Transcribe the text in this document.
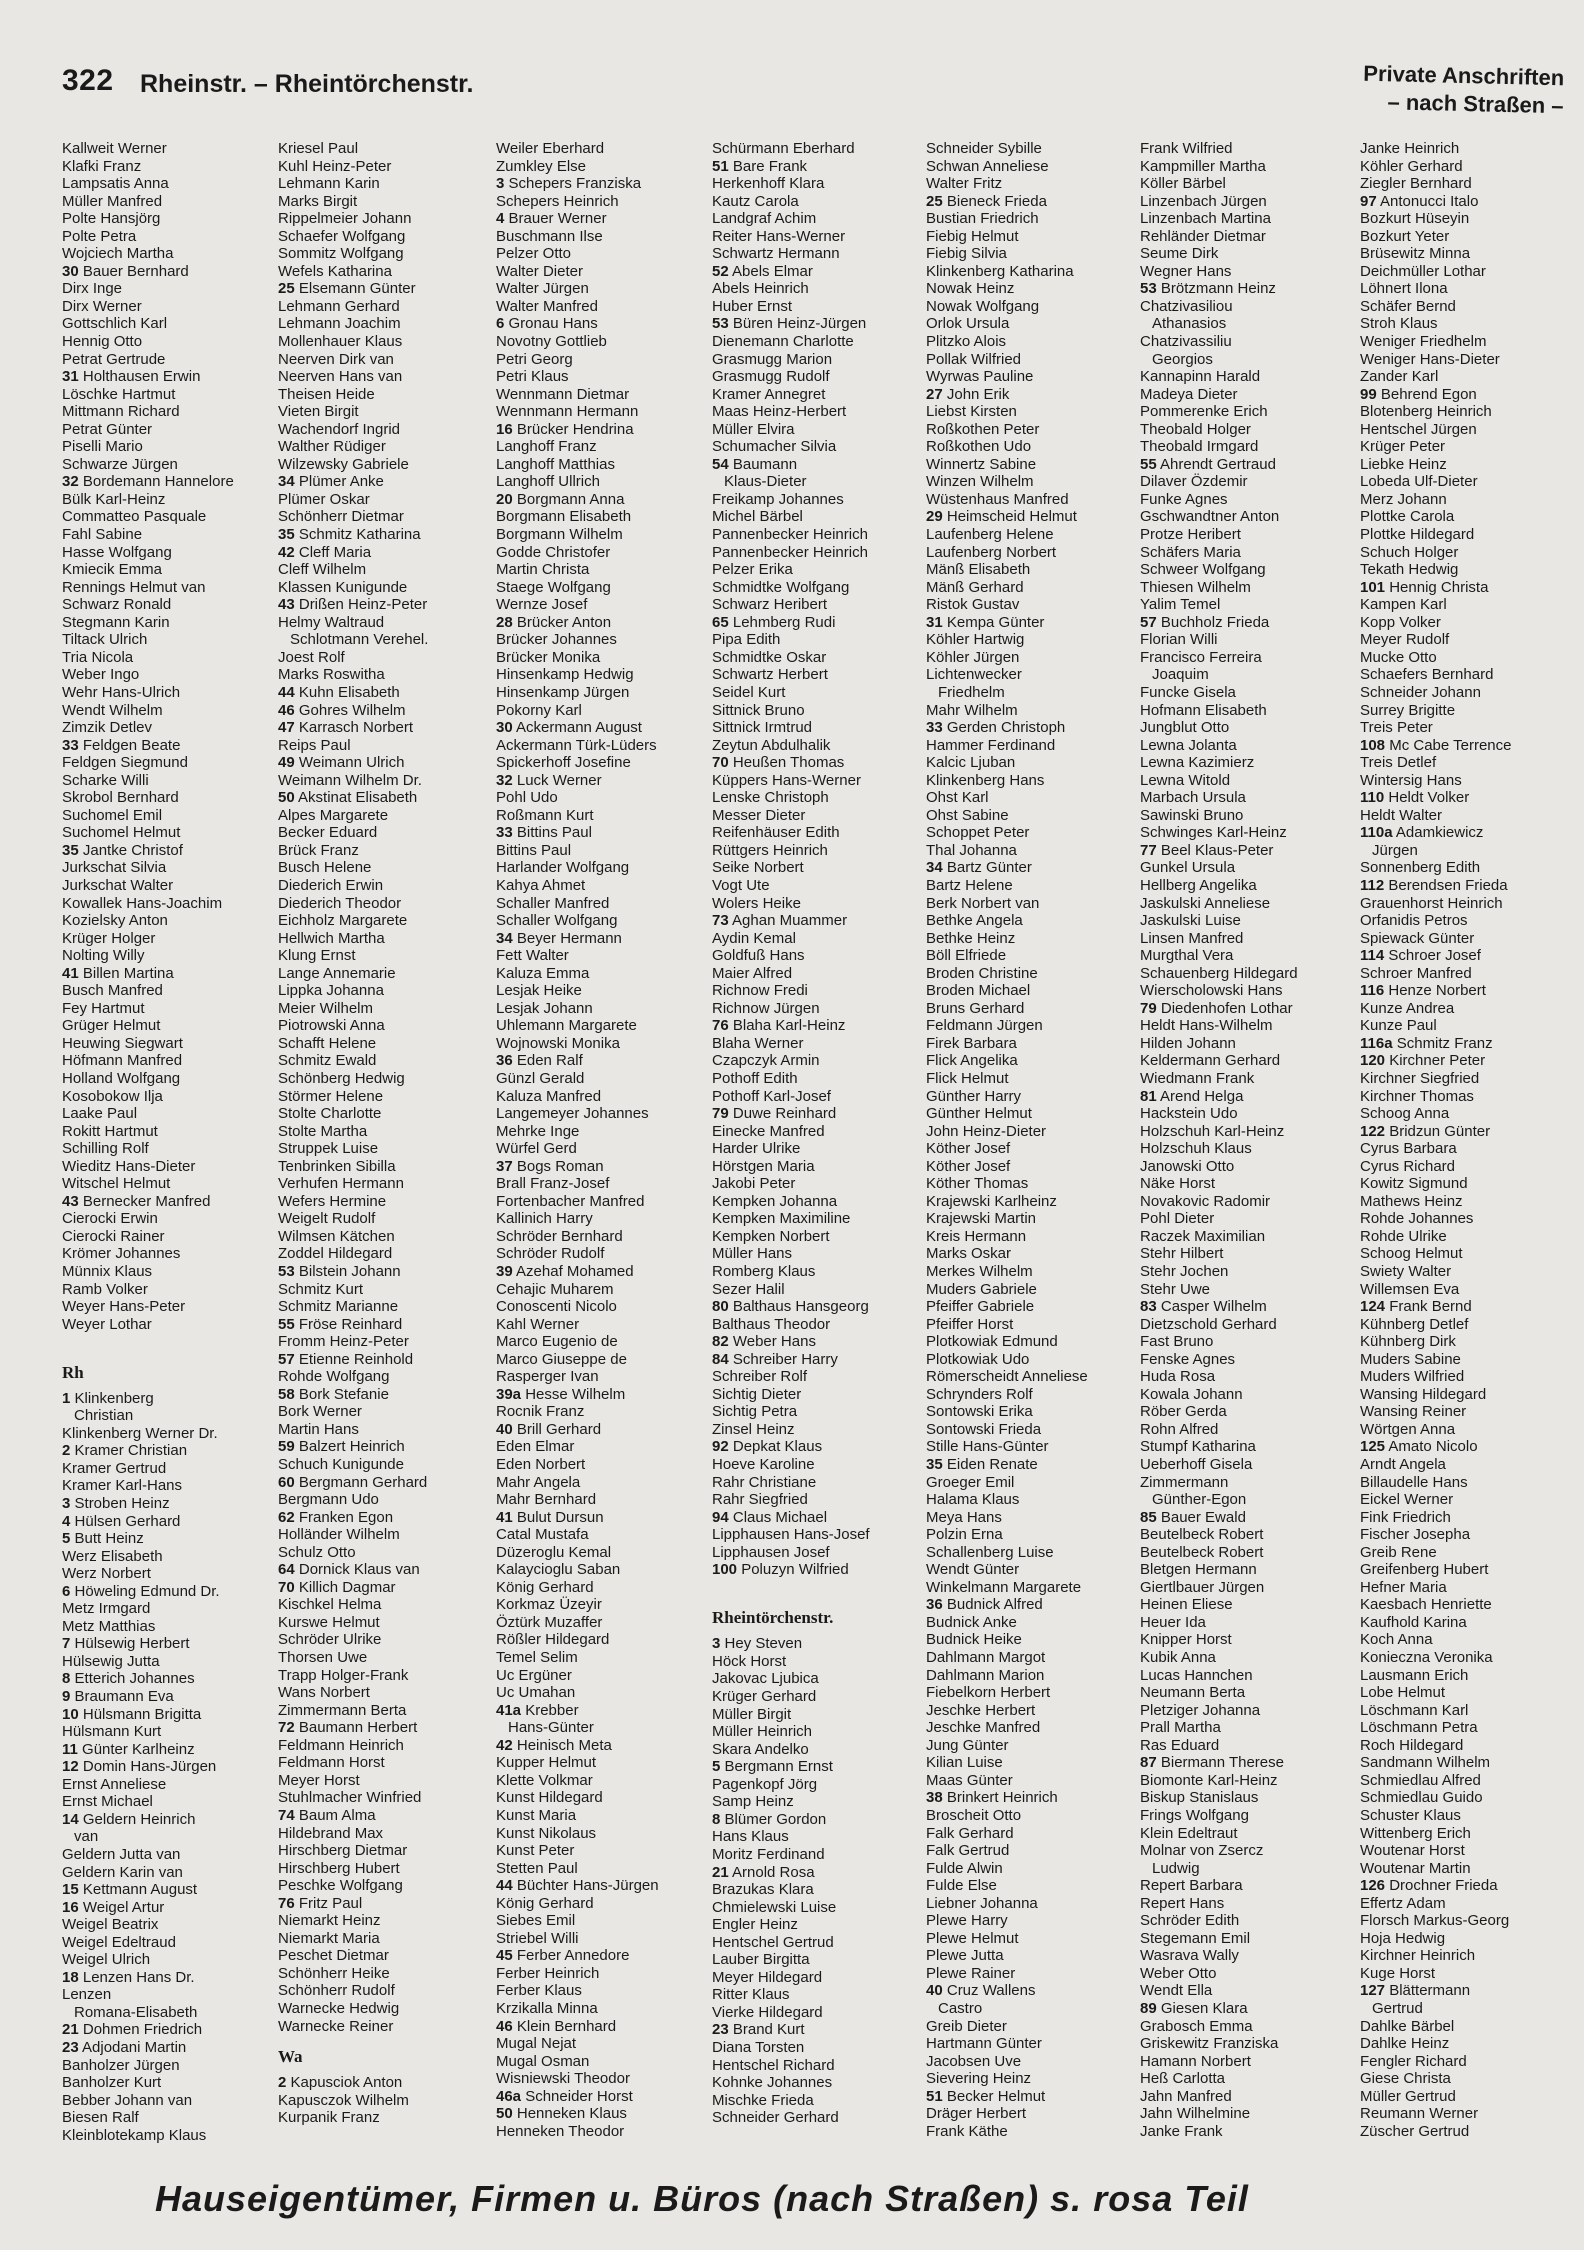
322 Rheinstr. – Rheintörchenstr.	Private Anschriften
– nach Straßen –
Kallweit Werner
Klafki Franz
Lampsatis Anna
Müller Manfred
Polte Hansjörg
Polte Petra
Wojciech Martha
30 Bauer Bernhard
Dirx Inge
Dirx Werner
Gottschlich Karl
Hennig Otto
Petrat Gertrude
31 Holthausen Erwin
Löschke Hartmut
Mittmann Richard
Petrat Günter
Piselli Mario
Schwarze Jürgen
32 Bordemann Hannelore
Bülk Karl-Heinz
Commatteo Pasquale
Fahl Sabine
Hasse Wolfgang
Kmiecik Emma
Rennings Helmut van
Schwarz Ronald
Stegmann Karin
Tiltack Ulrich
Tria Nicola
Weber Ingo
Wehr Hans-Ulrich
Wendt Wilhelm
Zimzik Detlev
33 Feldgen Beate
Feldgen Siegmund
Scharke Willi
Skrobol Bernhard
Suchomel Emil
Suchomel Helmut
35 Jantke Christof
Jurkschat Silvia
Jurkschat Walter
Kowallek Hans-Joachim
Kozielsky Anton
Krüger Holger
Nolting Willy
41 Billen Martina
Busch Manfred
Fey Hartmut
Grüger Helmut
Heuwing Siegwart
Höfmann Manfred
Holland Wolfgang
Kosobokow Ilja
Laake Paul
Rokitt Hartmut
Schilling Rolf
Wieditz Hans-Dieter
Witschel Helmut
43 Bernecker Manfred
Cierocki Erwin
Cierocki Rainer
Krömer Johannes
Münnix Klaus
Ramb Volker
Weyer Hans-Peter
Weyer Lothar
Rh
1 Klinkenberg
Christian
Klinkenberg Werner Dr.
2 Kramer Christian
Kramer Gertrud
Kramer Karl-Hans
3 Stroben Heinz
4 Hülsen Gerhard
5 Butt Heinz
Werz Elisabeth
Werz Norbert
6 Höweling Edmund Dr.
Metz Irmgard
Metz Matthias
7 Hülsewig Herbert
Hülsewig Jutta
8 Etterich Johannes
9 Braumann Eva
10 Hülsmann Brigitta
Hülsmann Kurt
11 Günter Karlheinz
12 Domin Hans-Jürgen
Ernst Anneliese
Ernst Michael
14 Geldern Heinrich
van
Geldern Jutta van
Geldern Karin van
15 Kettmann August
16 Weigel Artur
Weigel Beatrix
Weigel Edeltraud
Weigel Ulrich
18 Lenzen Hans Dr.
Lenzen
Romana-Elisabeth
21 Dohmen Friedrich
23 Adjodani Martin
Banholzer Jürgen
Banholzer Kurt
Bebber Johann van
Biesen Ralf
Kleinblotekamp Klaus
Kriesel Paul
Kuhl Heinz-Peter
Lehmann Karin
Marks Birgit
Rippelmeier Johann
Schaefer Wolfgang
Sommitz Wolfgang
Wefels Katharina
25 Elsemann Günter
Lehmann Gerhard
Lehmann Joachim
Mollenhauer Klaus
Neerven Dirk van
Neerven Hans van
Theisen Heide
Vieten Birgit
Wachendorf Ingrid
Walther Rüdiger
Wilzewsky Gabriele
34 Plümer Anke
Plümer Oskar
Schönherr Dietmar
35 Schmitz Katharina
42 Cleff Maria
Cleff Wilhelm
Klassen Kunigunde
43 Drißen Heinz-Peter
Helmy Waltraud
Schlotmann Verehel.
Joest Rolf
Marks Roswitha
44 Kuhn Elisabeth
46 Gohres Wilhelm
47 Karrasch Norbert
Reips Paul
49 Weimann Ulrich
Weimann Wilhelm Dr.
50 Akstinat Elisabeth
Alpes Margarete
Becker Eduard
Brück Franz
Busch Helene
Diederich Erwin
Diederich Theodor
Eichholz Margarete
Hellwich Martha
Klung Ernst
Lange Annemarie
Lippka Johanna
Meier Wilhelm
Piotrowski Anna
Schafft Helene
Schmitz Ewald
Schönberg Hedwig
Störmer Helene
Stolte Charlotte
Stolte Martha
Struppek Luise
Tenbrinken Sibilla
Verhufen Hermann
Wefers Hermine
Weigelt Rudolf
Wilmsen Kätchen
Zoddel Hildegard
53 Bilstein Johann
Schmitz Kurt
Schmitz Marianne
55 Fröse Reinhard
Fromm Heinz-Peter
57 Etienne Reinhold
Rohde Wolfgang
58 Bork Stefanie
Bork Werner
Martin Hans
59 Balzert Heinrich
Schuch Kunigunde
60 Bergmann Gerhard
Bergmann Udo
62 Franken Egon
Holländer Wilhelm
Schulz Otto
64 Dornick Klaus van
70 Killich Dagmar
Kischkel Helma
Kurswe Helmut
Schröder Ulrike
Thorsen Uwe
Trapp Holger-Frank
Wans Norbert
Zimmermann Berta
72 Baumann Herbert
Feldmann Heinrich
Feldmann Horst
Meyer Horst
Stuhlmacher Winfried
74 Baum Alma
Hildebrand Max
Hirschberg Dietmar
Hirschberg Hubert
Peschke Wolfgang
76 Fritz Paul
Niemarkt Heinz
Niemarkt Maria
Peschet Dietmar
Schönherr Heike
Schönherr Rudolf
Warnecke Hedwig
Warnecke Reiner
Wa
2 Kapusciok Anton
Kapusczok Wilhelm
Kurpanik Franz
Weiler Eberhard
Zumkley Else
3 Schepers Franziska
Schepers Heinrich
4 Brauer Werner
Buschmann Ilse
Pelzer Otto
Walter Dieter
Walter Jürgen
Walter Manfred
6 Gronau Hans
Novotny Gottlieb
Petri Georg
Petri Klaus
Wennmann Dietmar
Wennmann Hermann
16 Brücker Hendrina
Langhoff Franz
Langhoff Matthias
Langhoff Ullrich
20 Borgmann Anna
Borgmann Elisabeth
Borgmann Wilhelm
Godde Christofer
Martin Christa
Staege Wolfgang
Wernze Josef
28 Brücker Anton
Brücker Johannes
Brücker Monika
Hinsenkamp Hedwig
Hinsenkamp Jürgen
Pokorny Karl
30 Ackermann August
Ackermann Türk-Lüders
Spickerhoff Josefine
32 Luck Werner
Pohl Udo
Roßmann Kurt
33 Bittins Paul
Bittins Paul
Harlander Wolfgang
Kahya Ahmet
Schaller Manfred
Schaller Wolfgang
34 Beyer Hermann
Fett Walter
Kaluza Emma
Lesjak Heike
Lesjak Johann
Uhlemann Margarete
Wojnowski Monika
36 Eden Ralf
Günzl Gerald
Kaluza Manfred
Langemeyer Johannes
Mehrke Inge
Würfel Gerd
37 Bogs Roman
Brall Franz-Josef
Fortenbacher Manfred
Kallinich Harry
Schröder Bernhard
Schröder Rudolf
39 Azehaf Mohamed
Cehajic Muharem
Conoscenti Nicolo
Kahl Werner
Marco Eugenio de
Marco Giuseppe de
Rasperger Ivan
39a Hesse Wilhelm
Rocnik Franz
40 Brill Gerhard
Eden Elmar
Eden Norbert
Mahr Angela
Mahr Bernhard
41 Bulut Dursun
Catal Mustafa
Düzeroglu Kemal
Kalaycioglu Saban
König Gerhard
Korkmaz Üzeyir
Öztürk Muzaffer
Rößler Hildegard
Temel Selim
Uc Ergüner
Uc Umahan
41a Krebber
Hans-Günter
42 Heinisch Meta
Kupper Helmut
Klette Volkmar
Kunst Hildegard
Kunst Maria
Kunst Nikolaus
Kunst Peter
Stetten Paul
44 Büchter Hans-Jürgen
König Gerhard
Siebes Emil
Striebel Willi
45 Ferber Annedore
Ferber Heinrich
Ferber Klaus
Krzikalla Minna
46 Klein Bernhard
Mugal Nejat
Mugal Osman
Wisniewski Theodor
46a Schneider Horst
50 Henneken Klaus
Henneken Theodor
Schürmann Eberhard
51 Bare Frank
Herkenhoff Klara
Kautz Carola
Landgraf Achim
Reiter Hans-Werner
Schwartz Hermann
52 Abels Elmar
Abels Heinrich
Huber Ernst
53 Büren Heinz-Jürgen
Dienemann Charlotte
Grasmugg Marion
Grasmugg Rudolf
Kramer Annegret
Maas Heinz-Herbert
Müller Elvira
Schumacher Silvia
54 Baumann
Klaus-Dieter
Freikamp Johannes
Michel Bärbel
Pannenbecker Heinrich
Pannenbecker Heinrich
Pelzer Erika
Schmidtke Wolfgang
Schwarz Heribert
65 Lehmberg Rudi
Pipa Edith
Schmidtke Oskar
Schwartz Herbert
Seidel Kurt
Sittnick Bruno
Sittnick Irmtrud
Zeytun Abdulhalik
70 Heußen Thomas
Küppers Hans-Werner
Lenske Christoph
Messer Dieter
Reifenhäuser Edith
Rüttgers Heinrich
Seike Norbert
Vogt Ute
Wolers Heike
73 Aghan Muammer
Aydin Kemal
Goldfuß Hans
Maier Alfred
Richnow Fredi
Richnow Jürgen
76 Blaha Karl-Heinz
Blaha Werner
Czapczyk Armin
Pothoff Edith
Pothoff Karl-Josef
79 Duwe Reinhard
Einecke Manfred
Harder Ulrike
Hörstgen Maria
Jakobi Peter
Kempken Johanna
Kempken Maximiline
Kempken Norbert
Müller Hans
Romberg Klaus
Sezer Halil
80 Balthaus Hansgeorg
Balthaus Theodor
82 Weber Hans
84 Schreiber Harry
Schreiber Rolf
Sichtig Dieter
Sichtig Petra
Zinsel Heinz
92 Depkat Klaus
Hoeve Karoline
Rahr Christiane
Rahr Siegfried
94 Claus Michael
Lipphausen Hans-Josef
Lipphausen Josef
100 Poluzyn Wilfried
Rheintörchenstr.
3 Hey Steven
Höck Horst
Jakovac Ljubica
Krüger Gerhard
Müller Birgit
Müller Heinrich
Skara Andelko
5 Bergmann Ernst
Pagenkopf Jörg
Samp Heinz
8 Blümer Gordon
Hans Klaus
Moritz Ferdinand
21 Arnold Rosa
Brazukas Klara
Chmielewski Luise
Engler Heinz
Hentschel Gertrud
Lauber Birgitta
Meyer Hildegard
Ritter Klaus
Vierke Hildegard
23 Brand Kurt
Diana Torsten
Hentschel Richard
Kohnke Johannes
Mischke Frieda
Schneider Gerhard
Schneider Sybille
Schwan Anneliese
Walter Fritz
25 Bieneck Frieda
Bustian Friedrich
Fiebig Helmut
Fiebig Silvia
Klinkenberg Katharina
Nowak Heinz
Nowak Wolfgang
Orlok Ursula
Plitzko Alois
Pollak Wilfried
Wyrwas Pauline
27 John Erik
Liebst Kirsten
Roßkothen Peter
Roßkothen Udo
Winnertz Sabine
Winzen Wilhelm
Wüstenhaus Manfred
29 Heimscheid Helmut
Laufenberg Helene
Laufenberg Norbert
Mänß Elisabeth
Mänß Gerhard
Ristok Gustav
31 Kempa Günter
Köhler Hartwig
Köhler Jürgen
Lichtenwecker
Friedhelm
Mahr Wilhelm
33 Gerden Christoph
Hammer Ferdinand
Kalcic Ljuban
Klinkenberg Hans
Ohst Karl
Ohst Sabine
Schoppet Peter
Thal Johanna
34 Bartz Günter
Bartz Helene
Berk Norbert van
Bethke Angela
Bethke Heinz
Böll Elfriede
Broden Christine
Broden Michael
Bruns Gerhard
Feldmann Jürgen
Firek Barbara
Flick Angelika
Flick Helmut
Günther Harry
Günther Helmut
John Heinz-Dieter
Köther Josef
Köther Josef
Köther Thomas
Krajewski Karlheinz
Krajewski Martin
Kreis Hermann
Marks Oskar
Merkes Wilhelm
Muders Gabriele
Pfeiffer Gabriele
Pfeiffer Horst
Plotkowiak Edmund
Plotkowiak Udo
Römerscheidt Anneliese
Schrynders Rolf
Sontowski Erika
Sontowski Frieda
Stille Hans-Günter
35 Eiden Renate
Groeger Emil
Halama Klaus
Meya Hans
Polzin Erna
Schallenberg Luise
Wendt Günter
Winkelmann Margarete
36 Budnick Alfred
Budnick Anke
Budnick Heike
Dahlmann Margot
Dahlmann Marion
Fiebelkorn Herbert
Jeschke Herbert
Jeschke Manfred
Jung Günter
Kilian Luise
Maas Günter
38 Brinkert Heinrich
Broscheit Otto
Falk Gerhard
Falk Gertrud
Fulde Alwin
Fulde Else
Liebner Johanna
Plewe Harry
Plewe Helmut
Plewe Jutta
Plewe Rainer
40 Cruz Wallens
Castro
Greib Dieter
Hartmann Günter
Jacobsen Uve
Sievering Heinz
51 Becker Helmut
Dräger Herbert
Frank Käthe
Frank Wilfried
Kampmiller Martha
Köller Bärbel
Linzenbach Jürgen
Linzenbach Martina
Rehländer Dietmar
Seume Dirk
Wegner Hans
53 Brötzmann Heinz
Chatzivasiliou
Athanasios
Chatzivassiliu
Georgios
Kannapinn Harald
Madeya Dieter
Pommerenke Erich
Theobald Holger
Theobald Irmgard
55 Ahrendt Gertraud
Dilaver Özdemir
Funke Agnes
Gschwandtner Anton
Protze Heribert
Schäfers Maria
Schweer Wolfgang
Thiesen Wilhelm
Yalim Temel
57 Buchholz Frieda
Florian Willi
Francisco Ferreira
Joaquim
Funcke Gisela
Hofmann Elisabeth
Jungblut Otto
Lewna Jolanta
Lewna Kazimierz
Lewna Witold
Marbach Ursula
Sawinski Bruno
Schwinges Karl-Heinz
77 Beel Klaus-Peter
Gunkel Ursula
Hellberg Angelika
Jaskulski Anneliese
Jaskulski Luise
Linsen Manfred
Murgthal Vera
Schauenberg Hildegard
Wierscholowski Hans
79 Diedenhofen Lothar
Heldt Hans-Wilhelm
Hilden Johann
Keldermann Gerhard
Wiedmann Frank
81 Arend Helga
Hackstein Udo
Holzschuh Karl-Heinz
Holzschuh Klaus
Janowski Otto
Näke Horst
Novakovic Radomir
Pohl Dieter
Raczek Maximilian
Stehr Hilbert
Stehr Jochen
Stehr Uwe
83 Casper Wilhelm
Dietzschold Gerhard
Fast Bruno
Fenske Agnes
Huda Rosa
Kowala Johann
Röber Gerda
Rohn Alfred
Stumpf Katharina
Ueberhoff Gisela
Zimmermann
Günther-Egon
85 Bauer Ewald
Beutelbeck Robert
Beutelbeck Robert
Bletgen Hermann
Giertlbauer Jürgen
Heinen Eliese
Heuer Ida
Knipper Horst
Kubik Anna
Lucas Hannchen
Neumann Berta
Pletziger Johanna
Prall Martha
Ras Eduard
87 Biermann Therese
Biomonte Karl-Heinz
Biskup Stanislaus
Frings Wolfgang
Klein Edeltraut
Molnar von Zsercz
Ludwig
Repert Barbara
Repert Hans
Schröder Edith
Stegemann Emil
Wasrava Wally
Weber Otto
Wendt Ella
89 Giesen Klara
Grabosch Emma
Griskewitz Franziska
Hamann Norbert
Heß Carlotta
Jahn Manfred
Jahn Wilhelmine
Janke Frank
Janke Heinrich
Köhler Gerhard
Ziegler Bernhard
97 Antonucci Italo
Bozkurt Hüseyin
Bozkurt Yeter
Brüsewitz Minna
Deichmüller Lothar
Löhnert Ilona
Schäfer Bernd
Stroh Klaus
Weniger Friedhelm
Weniger Hans-Dieter
Zander Karl
99 Behrend Egon
Blotenberg Heinrich
Hentschel Jürgen
Krüger Peter
Liebke Heinz
Lobeda Ulf-Dieter
Merz Johann
Plottke Carola
Plottke Hildegard
Schuch Holger
Tekath Hedwig
101 Hennig Christa
Kampen Karl
Kopp Volker
Meyer Rudolf
Mucke Otto
Schaefers Bernhard
Schneider Johann
Surrey Brigitte
Treis Peter
108 Mc Cabe Terrence
Treis Detlef
Wintersig Hans
110 Heldt Volker
Heldt Walter
110a Adamkiewicz
Jürgen
Sonnenberg Edith
112 Berendsen Frieda
Grauenhorst Heinrich
Orfanidis Petros
Spiewack Günter
114 Schroer Josef
Schroer Manfred
116 Henze Norbert
Kunze Andrea
Kunze Paul
116a Schmitz Franz
120 Kirchner Peter
Kirchner Siegfried
Kirchner Thomas
Schoog Anna
122 Bridzun Günter
Cyrus Barbara
Cyrus Richard
Kowitz Sigmund
Mathews Heinz
Rohde Johannes
Rohde Ulrike
Schoog Helmut
Swiety Walter
Willemsen Eva
124 Frank Bernd
Kühnberg Detlef
Kühnberg Dirk
Muders Sabine
Muders Wilfried
Wansing Hildegard
Wansing Reiner
Wörtgen Anna
125 Amato Nicolo
Arndt Angela
Billaudelle Hans
Eickel Werner
Fink Friedrich
Fischer Josepha
Greib Rene
Greifenberg Hubert
Hefner Maria
Kaesbach Henriette
Kaufhold Karina
Koch Anna
Konieczna Veronika
Lausmann Erich
Lobe Helmut
Löschmann Karl
Löschmann Petra
Roch Hildegard
Sandmann Wilhelm
Schmiedlau Alfred
Schmiedlau Guido
Schuster Klaus
Wittenberg Erich
Woutenar Horst
Woutenar Martin
126 Drochner Frieda
Effertz Adam
Florsch Markus-Georg
Hoja Hedwig
Kirchner Heinrich
Kuge Horst
127 Blättermann
Gertrud
Dahlke Bärbel
Dahlke Heinz
Fengler Richard
Giese Christa
Müller Gertrud
Reumann Werner
Züscher Gertrud
Hauseigentümer, Firmen u. Büros (nach Straßen) s. rosa Teil
